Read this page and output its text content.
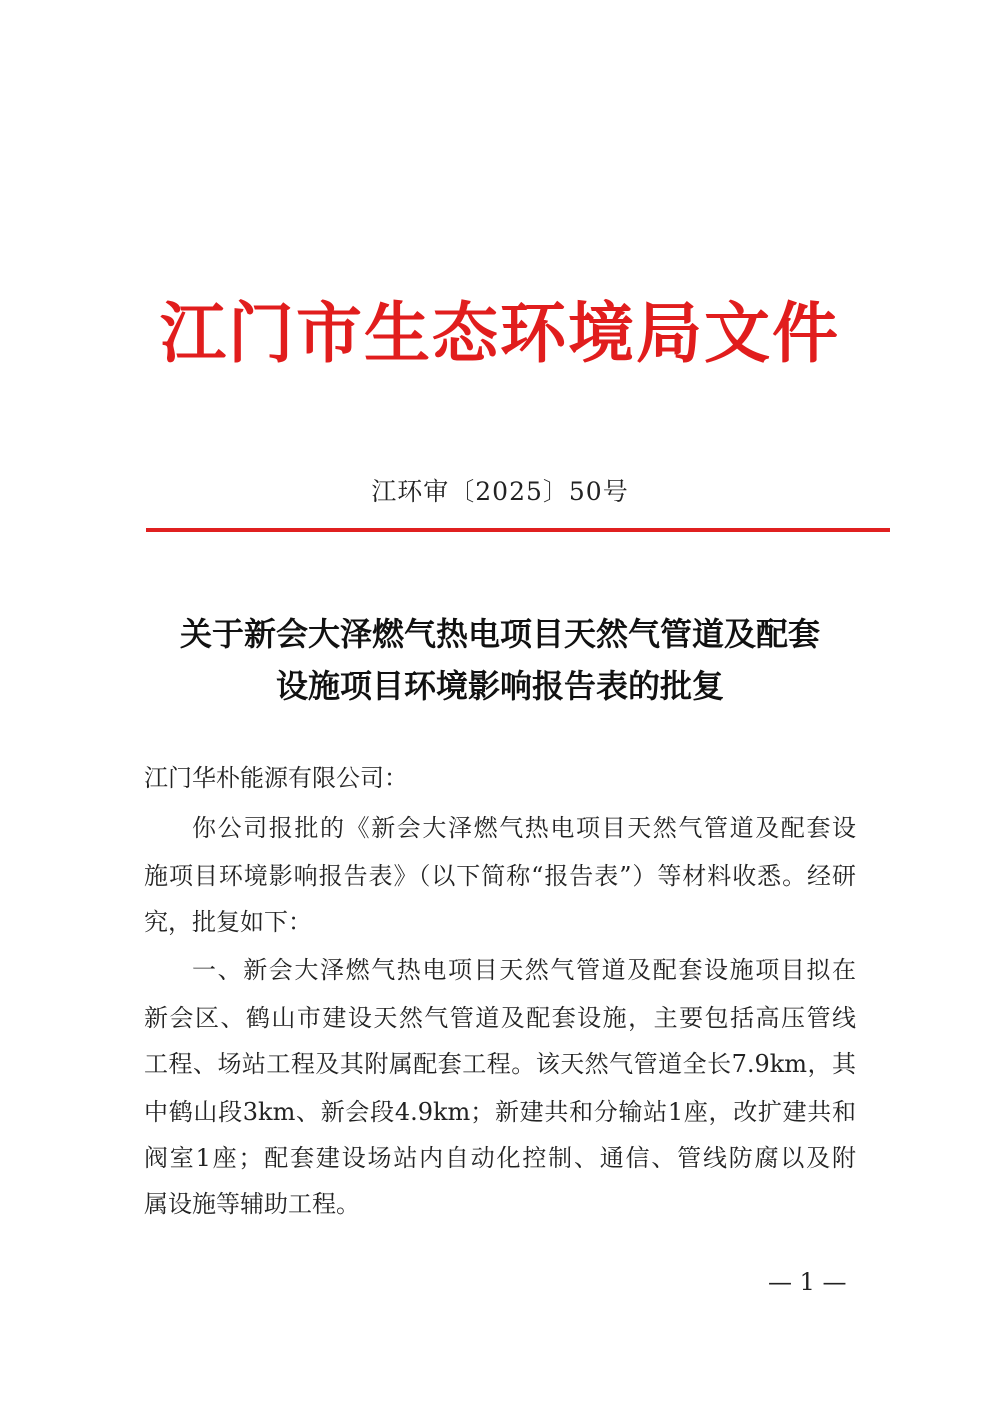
江门市生态环境局文件
江环审〔2025〕50号
关于新会大泽燃气热电项目天然气管道及配套
设施项目环境影响报告表的批复
江门华朴能源有限公司：
你公司报批的《新会大泽燃气热电项目天然气管道及配套设
施项目环境影响报告表》（以下简称“报告表”）等材料收悉。经研
究，批复如下：
一、新会大泽燃气热电项目天然气管道及配套设施项目拟在
新会区、鹤山市建设天然气管道及配套设施，主要包括高压管线
工程、场站工程及其附属配套工程。该天然气管道全长7.9km，其
中鹤山段3km、新会段4.9km；新建共和分输站1座，改扩建共和
阀室1座；配套建设场站内自动化控制、通信、管线防腐以及附
属设施等辅助工程。
— 1 —
